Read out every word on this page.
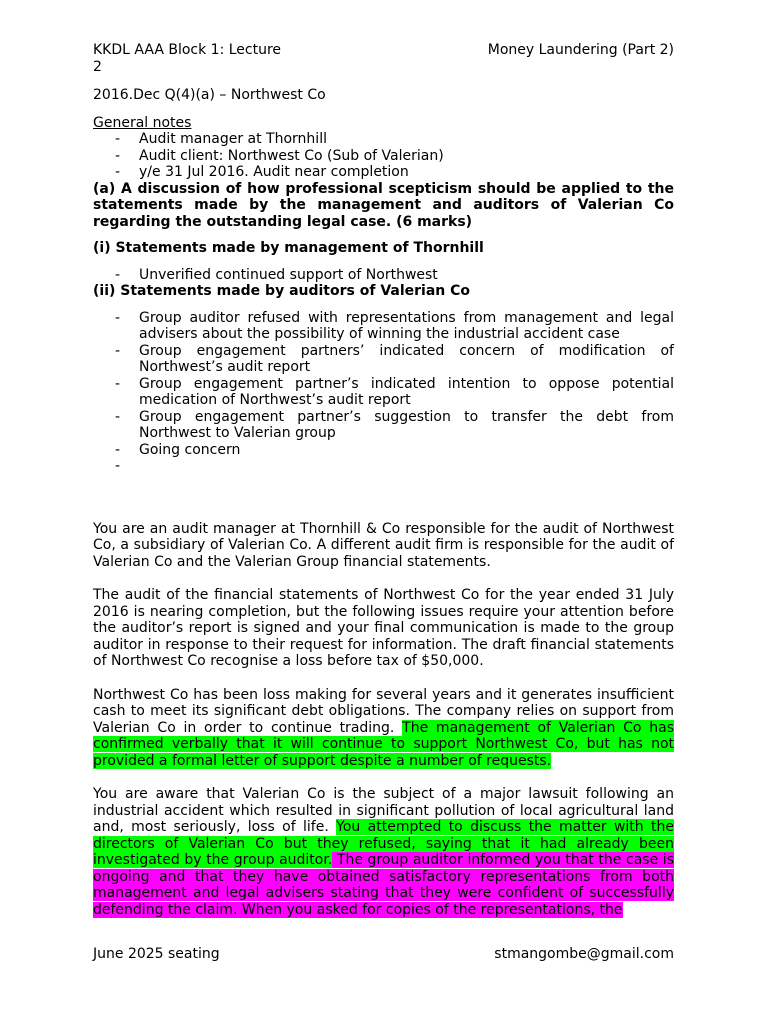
KKDL AAA Block 1: Lecture 2
Money Laundering (Part 2)

2016.Dec Q(4)(a) – Northwest Co

General notes

-	Audit manager at Thornhill
-	Audit client: Northwest Co (Sub of Valerian)
-	y/e 31 Jul 2016. Audit near completion

(a) A discussion of how professional scepticism should be applied to the statements made by the management and auditors of Valerian Co regarding the outstanding legal case. (6 marks)

(i) Statements made by management of Thornhill

-	Unverified continued support of Northwest

(ii) Statements made by auditors of Valerian Co

-	Group auditor refused with representations from management and legal advisers about the possibility of winning the industrial accident case
-	Group engagement partners’ indicated concern of modification of Northwest’s audit report
-	Group engagement partner’s indicated intention to oppose potential medication of Northwest’s audit report
-	Group engagement partner’s suggestion to transfer the debt from Northwest to Valerian group
-	Going concern
-

You are an audit manager at Thornhill & Co responsible for the audit of Northwest Co, a subsidiary of Valerian Co. A different audit firm is responsible for the audit of Valerian Co and the Valerian Group financial statements.

The audit of the financial statements of Northwest Co for the year ended 31 July 2016 is nearing completion, but the following issues require your attention before the auditor’s report is signed and your final communication is made to the group auditor in response to their request for information. The draft financial statements of Northwest Co recognise a loss before tax of $50,000.

Northwest Co has been loss making for several years and it generates insufficient cash to meet its significant debt obligations. The company relies on support from Valerian Co in order to continue trading. The management of Valerian Co has confirmed verbally that it will continue to support Northwest Co, but has not provided a formal letter of support despite a number of requests.

You are aware that Valerian Co is the subject of a major lawsuit following an industrial accident which resulted in significant pollution of local agricultural land and, most seriously, loss of life. You attempted to discuss the matter with the directors of Valerian Co but they refused, saying that it had already been investigated by the group auditor. The group auditor informed you that the case is ongoing and that they have obtained satisfactory representations from both management and legal advisers stating that they were confident of successfully defending the claim. When you asked for copies of the representations, the

June 2025 seating	stmangombe@gmail.com
